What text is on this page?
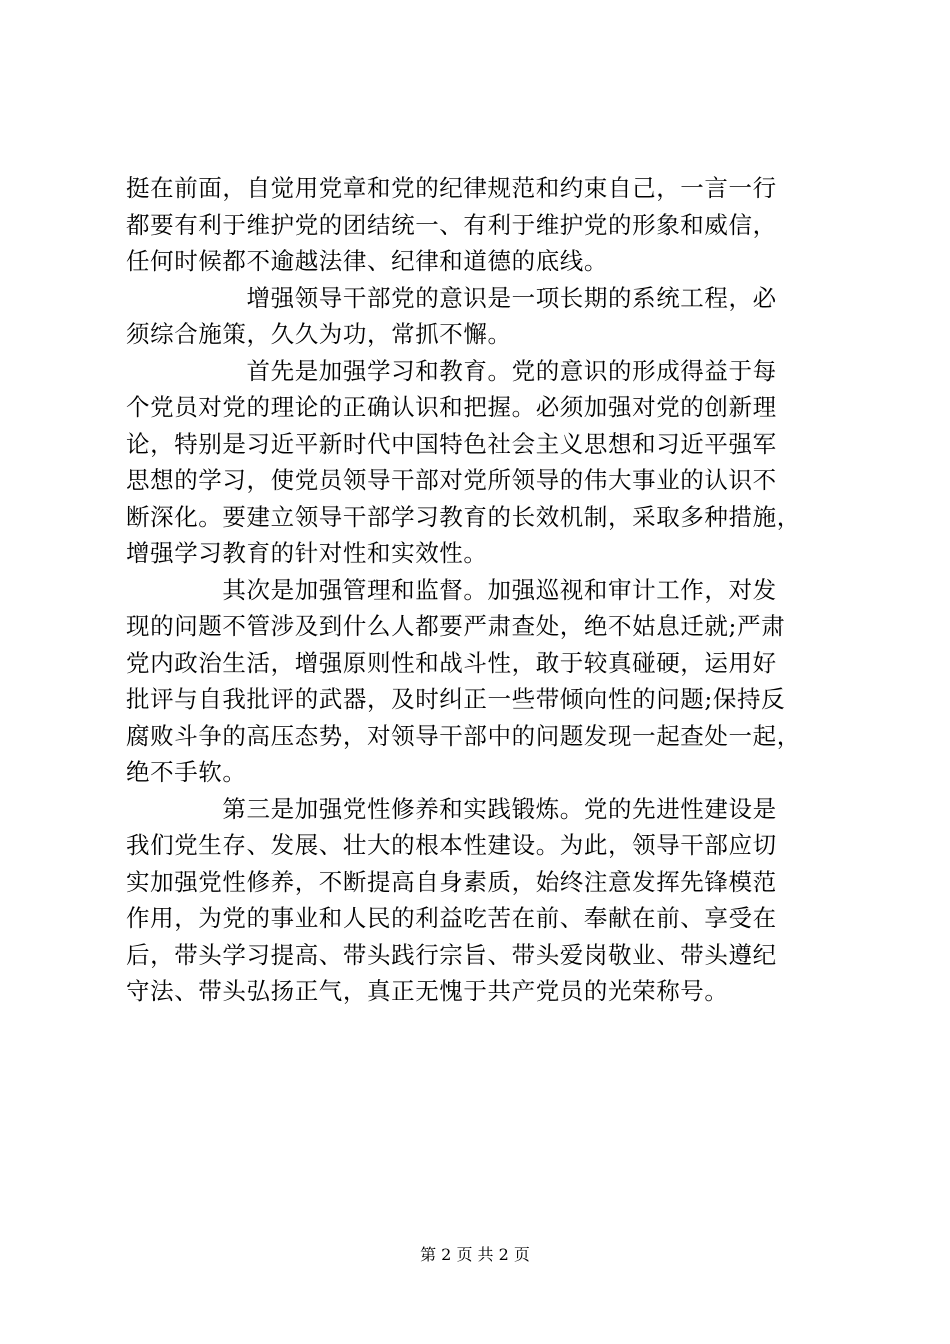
挺在前面，自觉用党章和党的纪律规范和约束自己，一言一行
都要有利于维护党的团结统一、有利于维护党的形象和威信，
任何时候都不逾越法律、纪律和道德的底线。
　　　　　增强领导干部党的意识是一项长期的系统工程，必
须综合施策，久久为功，常抓不懈。
　　　　　首先是加强学习和教育。党的意识的形成得益于每
个党员对党的理论的正确认识和把握。必须加强对党的创新理
论，特别是习近平新时代中国特色社会主义思想和习近平强军
思想的学习，使党员领导干部对党所领导的伟大事业的认识不
断深化。要建立领导干部学习教育的长效机制，采取多种措施，
增强学习教育的针对性和实效性。
　　　　其次是加强管理和监督。加强巡视和审计工作，对发
现的问题不管涉及到什么人都要严肃查处，绝不姑息迁就;严肃
党内政治生活，增强原则性和战斗性，敢于较真碰硬，运用好
批评与自我批评的武器，及时纠正一些带倾向性的问题;保持反
腐败斗争的高压态势，对领导干部中的问题发现一起查处一起，
绝不手软。
　　　　第三是加强党性修养和实践锻炼。党的先进性建设是
我们党生存、发展、壮大的根本性建设。为此，领导干部应切
实加强党性修养，不断提高自身素质，始终注意发挥先锋模范
作用，为党的事业和人民的利益吃苦在前、奉献在前、享受在
后，带头学习提高、带头践行宗旨、带头爱岗敬业、带头遵纪
守法、带头弘扬正气，真正无愧于共产党员的光荣称号。
第 2 页 共 2 页
